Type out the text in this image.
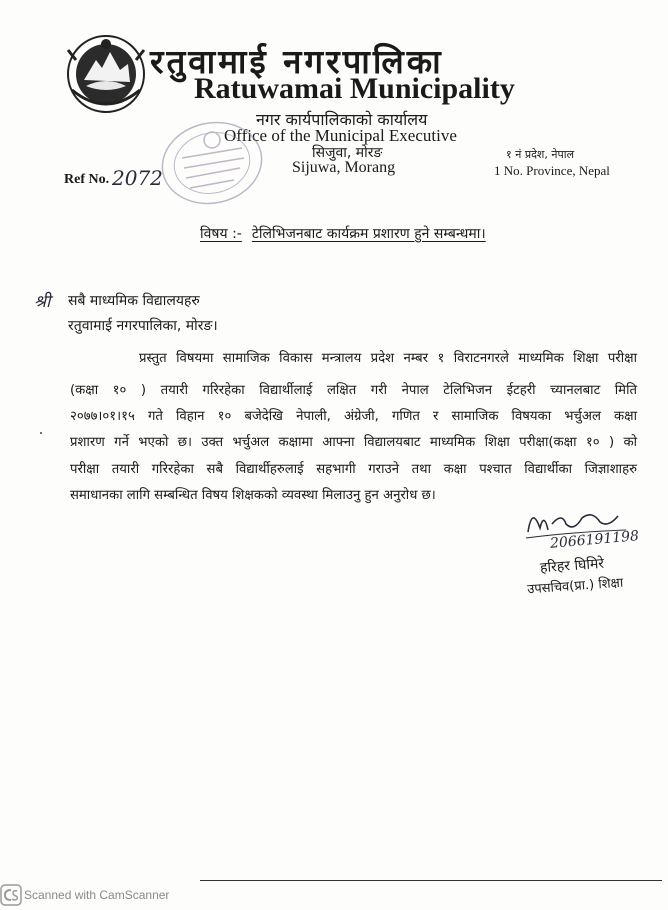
रतुवामाई नगरपालिका
Ratuwamai Municipality
नगर कार्यपालिकाको कार्यालय
Office of the Municipal Executive
सिजुवा, मोरङ
Sijuwa, Morang
१ नं प्रदेश, नेपाल
1 No. Province, Nepal
Ref No. 2072
विषय :- टेलिभिजनबाट कार्यक्रम प्रशारण हुने सम्बन्धमा।
श्री सबै माध्यमिक विद्यालयहरु
रतुवामाई नगरपालिका, मोरङ।
प्रस्तुत विषयमा सामाजिक विकास मन्त्रालय प्रदेश नम्बर १ विराटनगरले माध्यमिक शिक्षा परीक्षा
(कक्षा १० ) तयारी गरिरहेका विद्यार्थीलाई लक्षित गरी नेपाल टेलिभिजन ईटहरी च्यानलबाट मिति
२०७७।०१।१५ गते विहान १० बजेदेखि नेपाली, अंग्रेजी, गणित र सामाजिक विषयका भर्चुअल कक्षा
प्रशारण गर्ने भएको छ। उक्त भर्चुअल कक्षामा आफ्ना विद्यालयबाट माध्यमिक शिक्षा परीक्षा(कक्षा १० ) को
परीक्षा तयारी गरिरहेका सबै विद्यार्थीहरुलाई सहभागी गराउने तथा कक्षा पश्चात विद्यार्थीका जिज्ञाशाहरु
समाधानका लागि सम्बन्धित विषय शिक्षकको व्यवस्था मिलाउनु हुन अनुरोध छ।
2066191198
हरिहर घिमिरे
उपसचिव(प्रा.) शिक्षा
Scanned with CamScanner
